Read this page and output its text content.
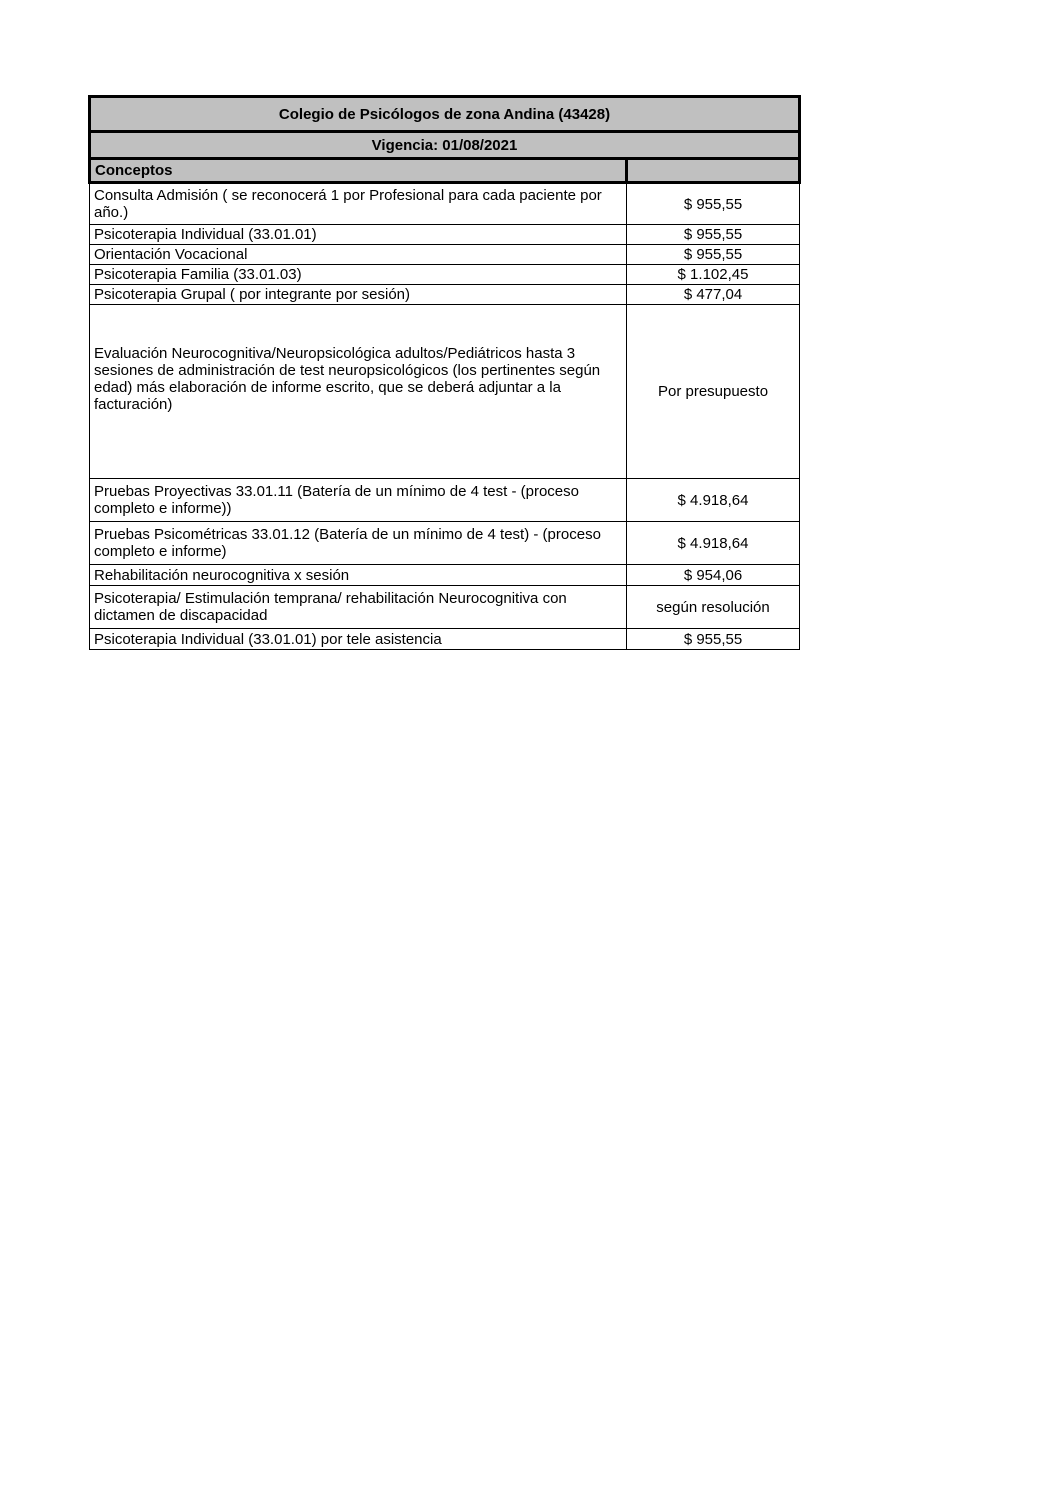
Colegio de Psicólogos de zona Andina (43428)	
Vigencia: 01/08/2021	
Conceptos	
Consulta Admisión ( se reconocerá 1 por Profesional para cada paciente por año.)	$ 955,55
Psicoterapia Individual (33.01.01)	$ 955,55
Orientación Vocacional	$ 955,55
Psicoterapia Familia (33.01.03)	$ 1.102,45
Psicoterapia Grupal ( por integrante por sesión)	$ 477,04

Evaluación Neurocognitiva/Neuropsicológica adultos/Pediátricos hasta 3 sesiones de administración de test neuropsicológicos (los pertinentes según edad) más elaboración de informe escrito, que se deberá adjuntar a la facturación)	Por presupuesto
Pruebas Proyectivas 33.01.11 (Batería de un mínimo de 4 test - (proceso completo e informe))	$ 4.918,64
Pruebas Psicométricas 33.01.12 (Batería de un mínimo de 4 test) - (proceso completo e informe)	$ 4.918,64
Rehabilitación neurocognitiva x sesión	$ 954,06
Psicoterapia/ Estimulación temprana/ rehabilitación Neurocognitiva con dictamen de discapacidad	según resolución
Psicoterapia Individual (33.01.01) por tele asistencia	$ 955,55
